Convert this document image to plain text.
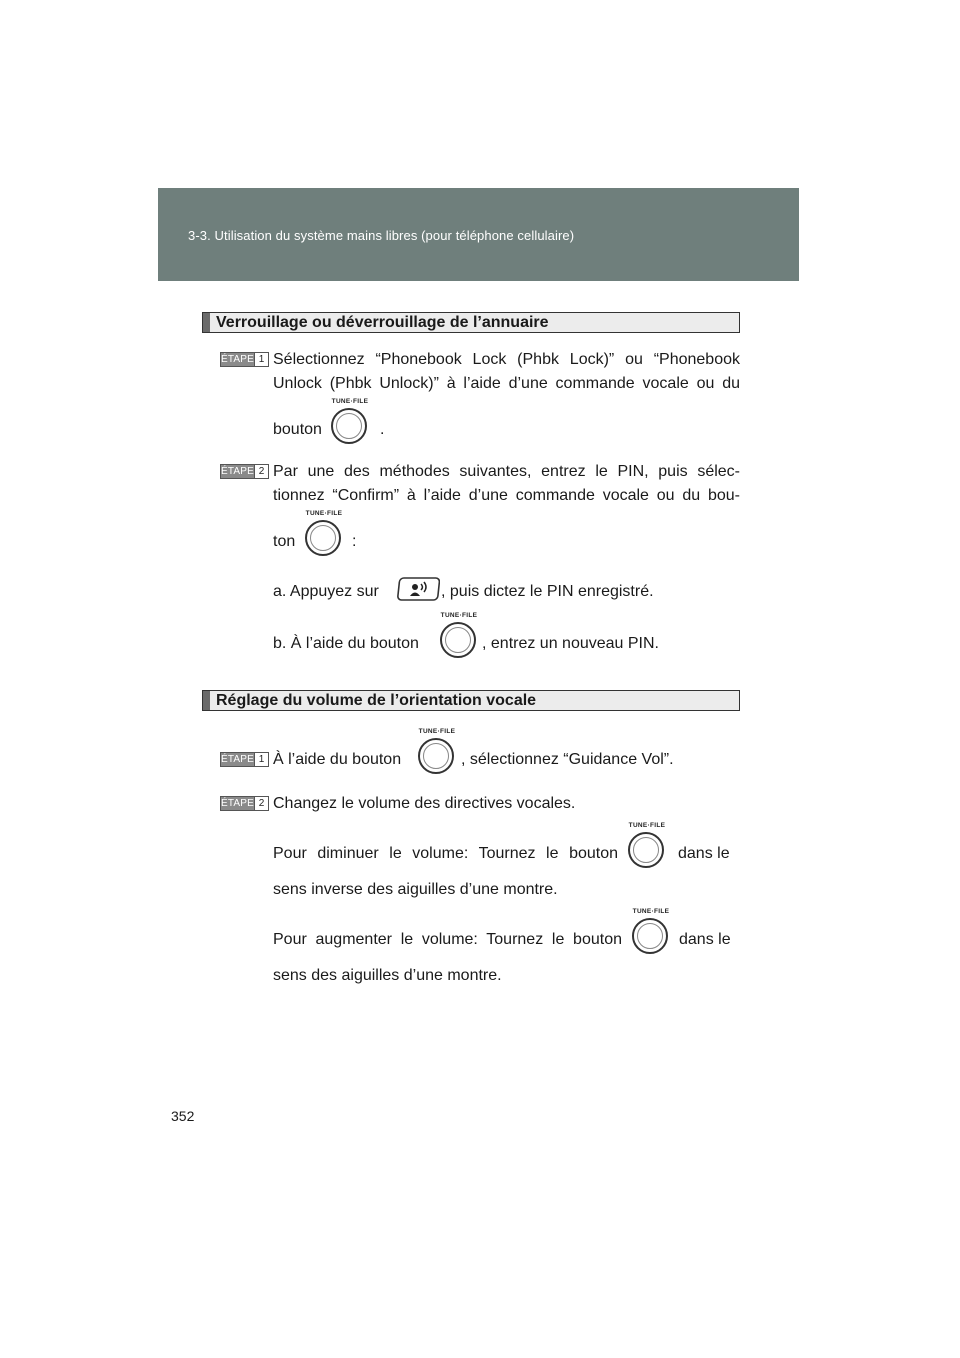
3-3. Utilisation du système mains libres (pour téléphone cellulaire)
Verrouillage ou déverrouillage de l’annuaire
ÉTAPE 1 Sélectionnez “Phonebook Lock (Phbk Lock)” ou “Phonebook
Unlock (Phbk Unlock)” à l’aide d’une commande vocale ou du
bouton
TUNE·FILE
.
ÉTAPE 2 Par une des méthodes suivantes, entrez le PIN, puis sélec-
tionnez “Confirm” à l’aide d’une commande vocale ou du bou-
ton
TUNE·FILE
:
a. Appuyez sur	, puis dictez le PIN enregistré.
b. À l’aide du bouton
TUNE·FILE
, entrez un nouveau PIN.
Réglage du volume de l’orientation vocale
ÉTAPE 1 À l’aide du bouton
TUNE·FILE
, sélectionnez “Guidance Vol”.
ÉTAPE 2 Changez le volume des directives vocales.
Pour diminuer le volume: Tournez le bouton
TUNE·FILE
dans le
sens inverse des aiguilles d’une montre.
Pour augmenter le volume: Tournez le bouton
TUNE·FILE
dans le
sens des aiguilles d’une montre.
352
